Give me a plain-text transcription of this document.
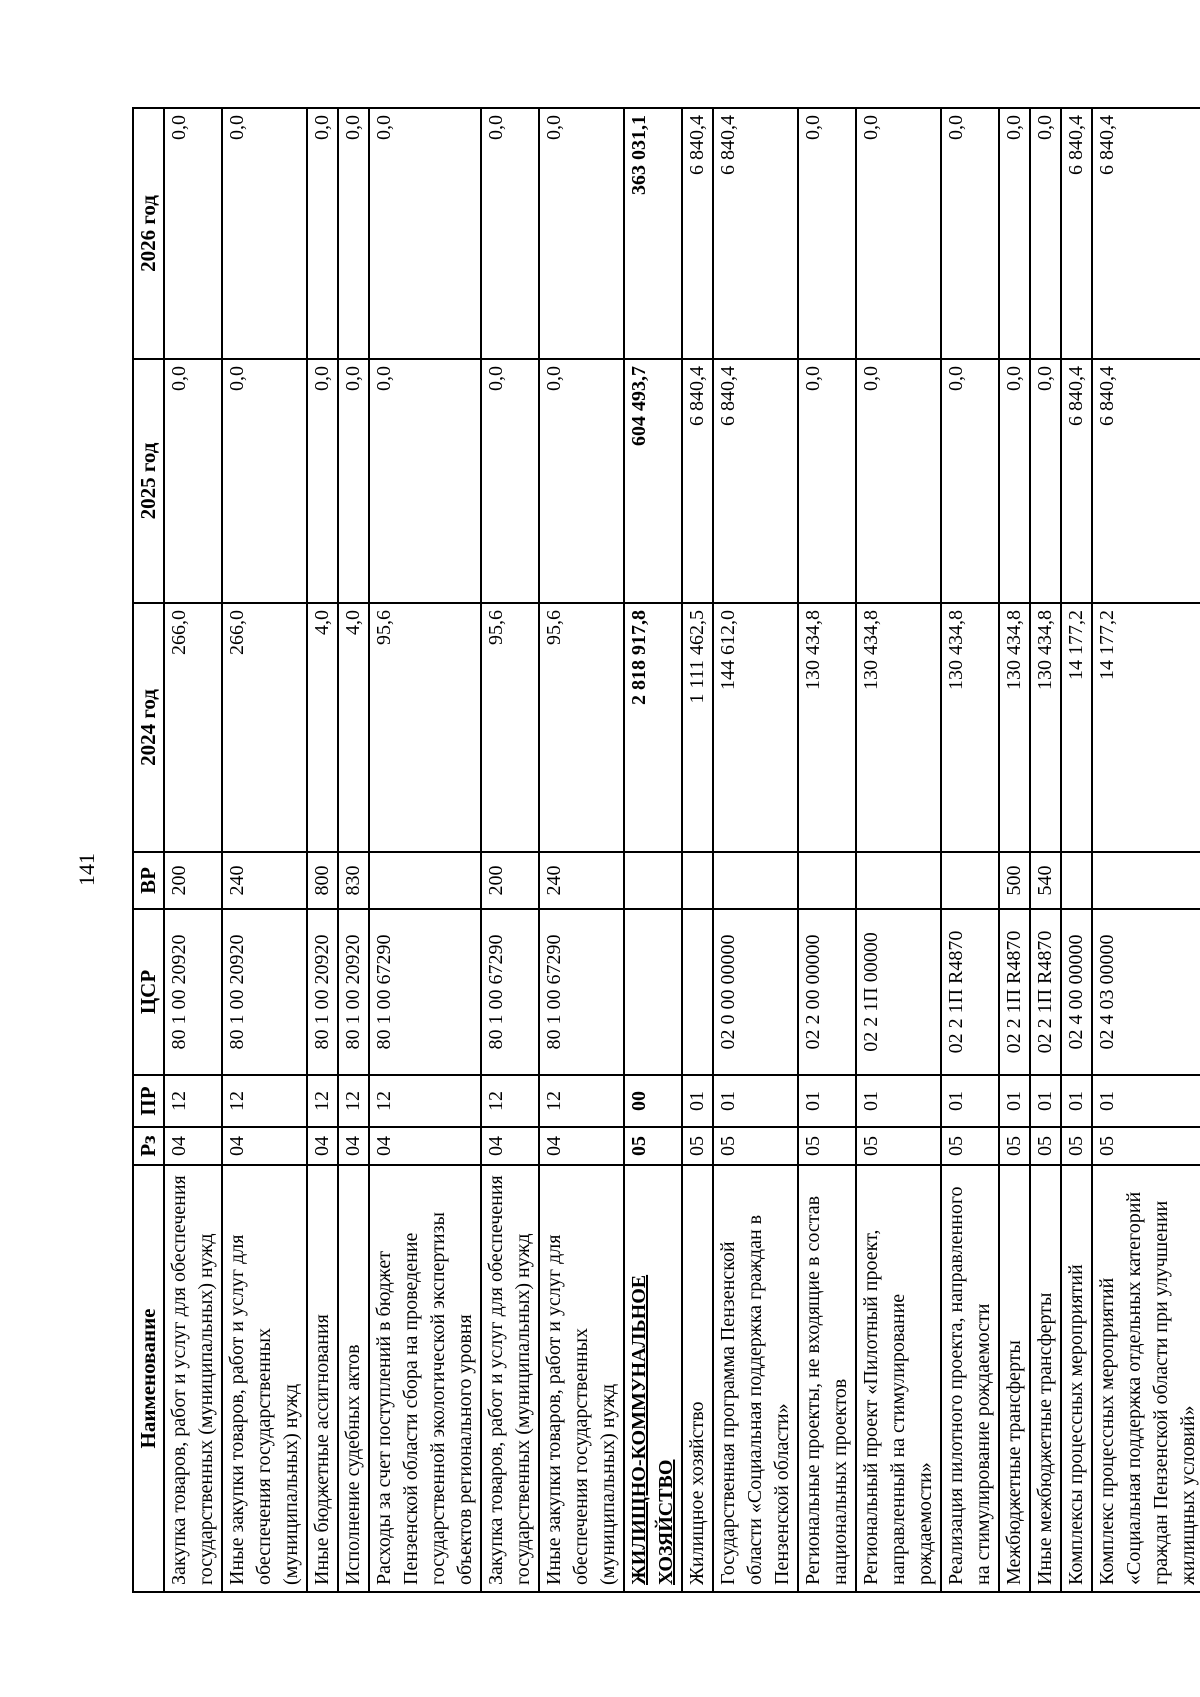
141
Наименование	Рз	ПР	ЦСР	ВР	2024 год	2025 год	2026 год
Закупка товаров, работ и услуг для обеспечения государственных (муниципальных) нужд	04	12	80 1 00 20920	200	266,0	0,0	0,0
Иные закупки товаров, работ и услуг для обеспечения государственных (муниципальных) нужд	04	12	80 1 00 20920	240	266,0	0,0	0,0
Иные бюджетные ассигнования	04	12	80 1 00 20920	800	4,0	0,0	0,0
Исполнение судебных актов	04	12	80 1 00 20920	830	4,0	0,0	0,0
Расходы за счет поступлений в бюджет Пензенской области сбора на проведение государственной экологической экспертизы объектов регионального уровня	04	12	80 1 00 67290		95,6	0,0	0,0
Закупка товаров, работ и услуг для обеспечения государственных (муниципальных) нужд	04	12	80 1 00 67290	200	95,6	0,0	0,0
Иные закупки товаров, работ и услуг для обеспечения государственных (муниципальных) нужд	04	12	80 1 00 67290	240	95,6	0,0	0,0
ЖИЛИЩНО-КОММУНАЛЬНОЕ ХОЗЯЙСТВО	05	00			2 818 917,8	604 493,7	363 031,1
Жилищное хозяйство	05	01			1 111 462,5	6 840,4	6 840,4
Государственная программа Пензенской области «Социальная поддержка граждан в Пензенской области»	05	01	02 0 00 00000		144 612,0	6 840,4	6 840,4
Региональные проекты, не входящие в состав национальных проектов	05	01	02 2 00 00000		130 434,8	0,0	0,0
Региональный проект «Пилотный проект, направленный на стимулирование рождаемости»	05	01	02 2 1П 00000		130 434,8	0,0	0,0
Реализация пилотного проекта, направленного на стимулирование рождаемости	05	01	02 2 1П R4870		130 434,8	0,0	0,0
Межбюджетные трансферты	05	01	02 2 1П R4870	500	130 434,8	0,0	0,0
Иные межбюджетные трансферты	05	01	02 2 1П R4870	540	130 434,8	0,0	0,0
Комплексы процессных мероприятий	05	01	02 4 00 00000		14 177,2	6 840,4	6 840,4
Комплекс процессных мероприятий «Социальная поддержка отдельных категорий граждан Пензенской области при улучшении жилищных условий»	05	01	02 4 03 00000		14 177,2	6 840,4	6 840,4
